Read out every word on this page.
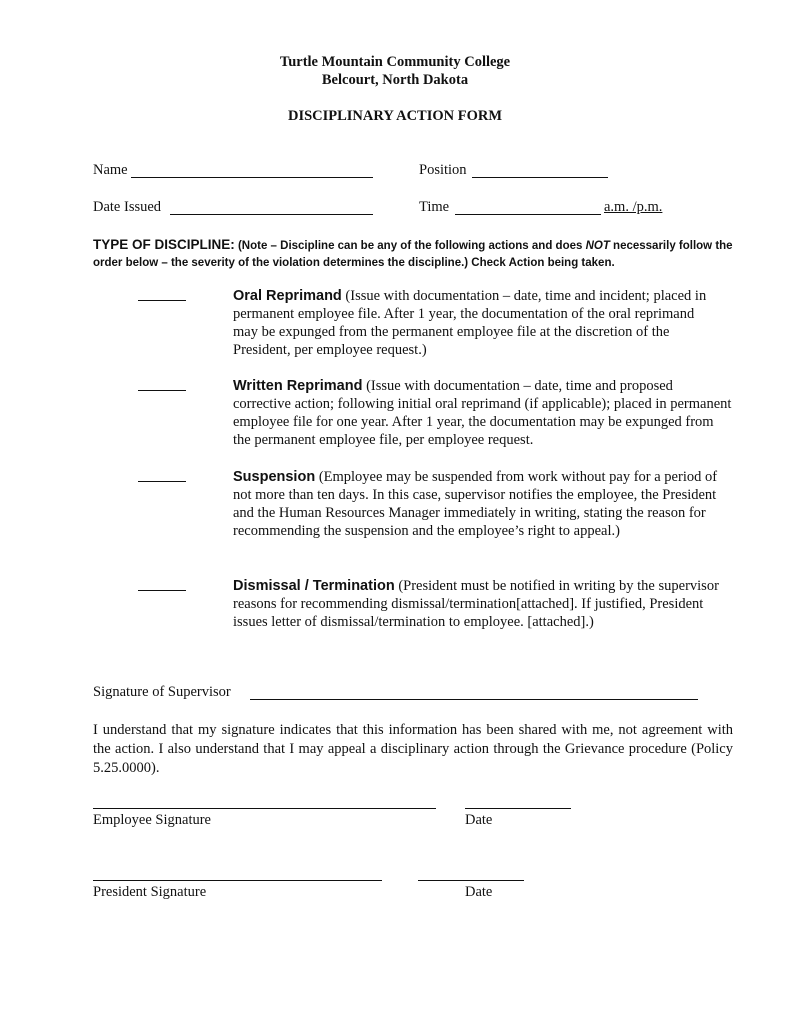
Turtle Mountain Community College
Belcourt, North Dakota
DISCIPLINARY ACTION FORM
Name	Position
Date Issued	Time	a.m. /p.m.
TYPE OF DISCIPLINE: (Note – Discipline can be any of the following actions and does NOT necessarily follow the order below – the severity of the violation determines the discipline.) Check Action being taken.
Oral Reprimand (Issue with documentation – date, time and incident; placed in permanent employee file. After 1 year, the documentation of the oral reprimand may be expunged from the permanent employee file at the discretion of the President, per employee request.)
Written Reprimand (Issue with documentation – date, time and proposed corrective action; following initial oral reprimand (if applicable); placed in permanent employee file for one year. After 1 year, the documentation may be expunged from the permanent employee file, per employee request.
Suspension (Employee may be suspended from work without pay for a period of not more than ten days. In this case, supervisor notifies the employee, the President and the Human Resources Manager immediately in writing, stating the reason for recommending the suspension and the employee’s right to appeal.)
Dismissal / Termination (President must be notified in writing by the supervisor reasons for recommending dismissal/termination[attached]. If justified, President issues letter of dismissal/termination to employee. [attached].)
Signature of Supervisor
I understand that my signature indicates that this information has been shared with me, not agreement with the action. I also understand that I may appeal a disciplinary action through the Grievance procedure (Policy 5.25.0000).
Employee Signature	Date
President Signature	Date
